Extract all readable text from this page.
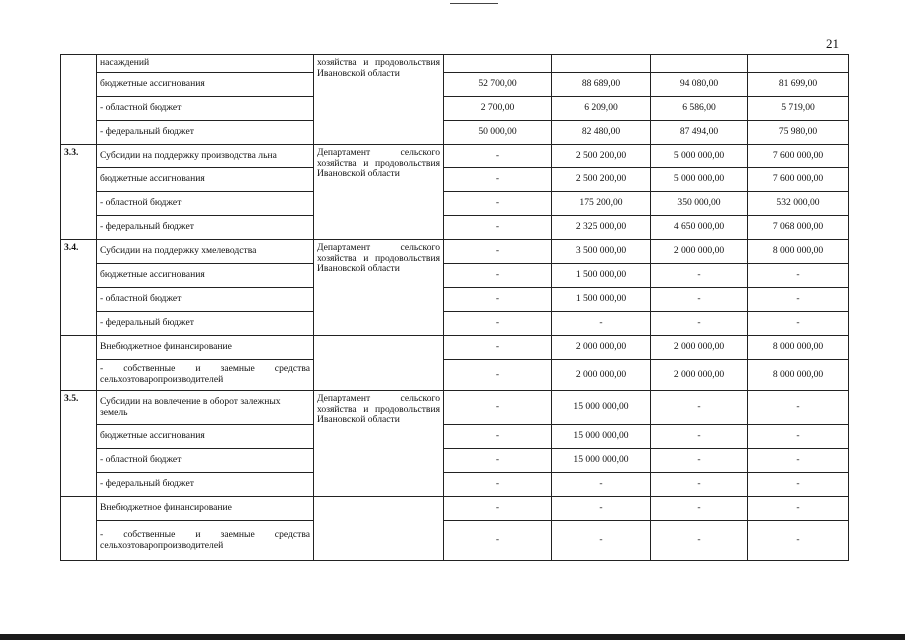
21
	насаждений	хозяйства и продовольствия Ивановской области				

	бюджетные ассигнования		52 700,00	88 689,00	94 080,00	81 699,00
	- областной бюджет		2 700,00	6 209,00	6 586,00	5 719,00
	- федеральный бюджет		50 000,00	82 480,00	87 494,00	75 980,00
3.3.	Субсидии на поддержку производства льна	Департамент сельского хозяйства и продовольствия Ивановской области	-	2 500 200,00	5 000 000,00	7 600 000,00
	бюджетные ассигнования		-	2 500 200,00	5 000 000,00	7 600 000,00
	- областной бюджет		-	175 200,00	350 000,00	532 000,00
	- федеральный бюджет		-	2 325 000,00	4 650 000,00	7 068 000,00
3.4.	Субсидии на поддержку хмелеводства	Департамент сельского хозяйства и продовольствия Ивановской области	-	3 500 000,00	2 000 000,00	8 000 000,00
	бюджетные ассигнования		-	1 500 000,00	-	-
	- областной бюджет		-	1 500 000,00	-	-
	- федеральный бюджет		-	-	-	-
	Внебюджетное финансирование		-	2 000 000,00	2 000 000,00	8 000 000,00
	- собственные и заемные средства сельхозтоваропроизводителей		-	2 000 000,00	2 000 000,00	8 000 000,00
3.5.	Субсидии на вовлечение в оборот залежных земель	Департамент сельского хозяйства и продовольствия Ивановской области	-	15 000 000,00	-	-
	бюджетные ассигнования		-	15 000 000,00	-	-
	- областной бюджет		-	15 000 000,00	-	-
	- федеральный бюджет		-	-	-	-
	Внебюджетное финансирование		-	-	-	-
	- собственные и заемные средства сельхозтоваропроизводителей		-	-	-	-
